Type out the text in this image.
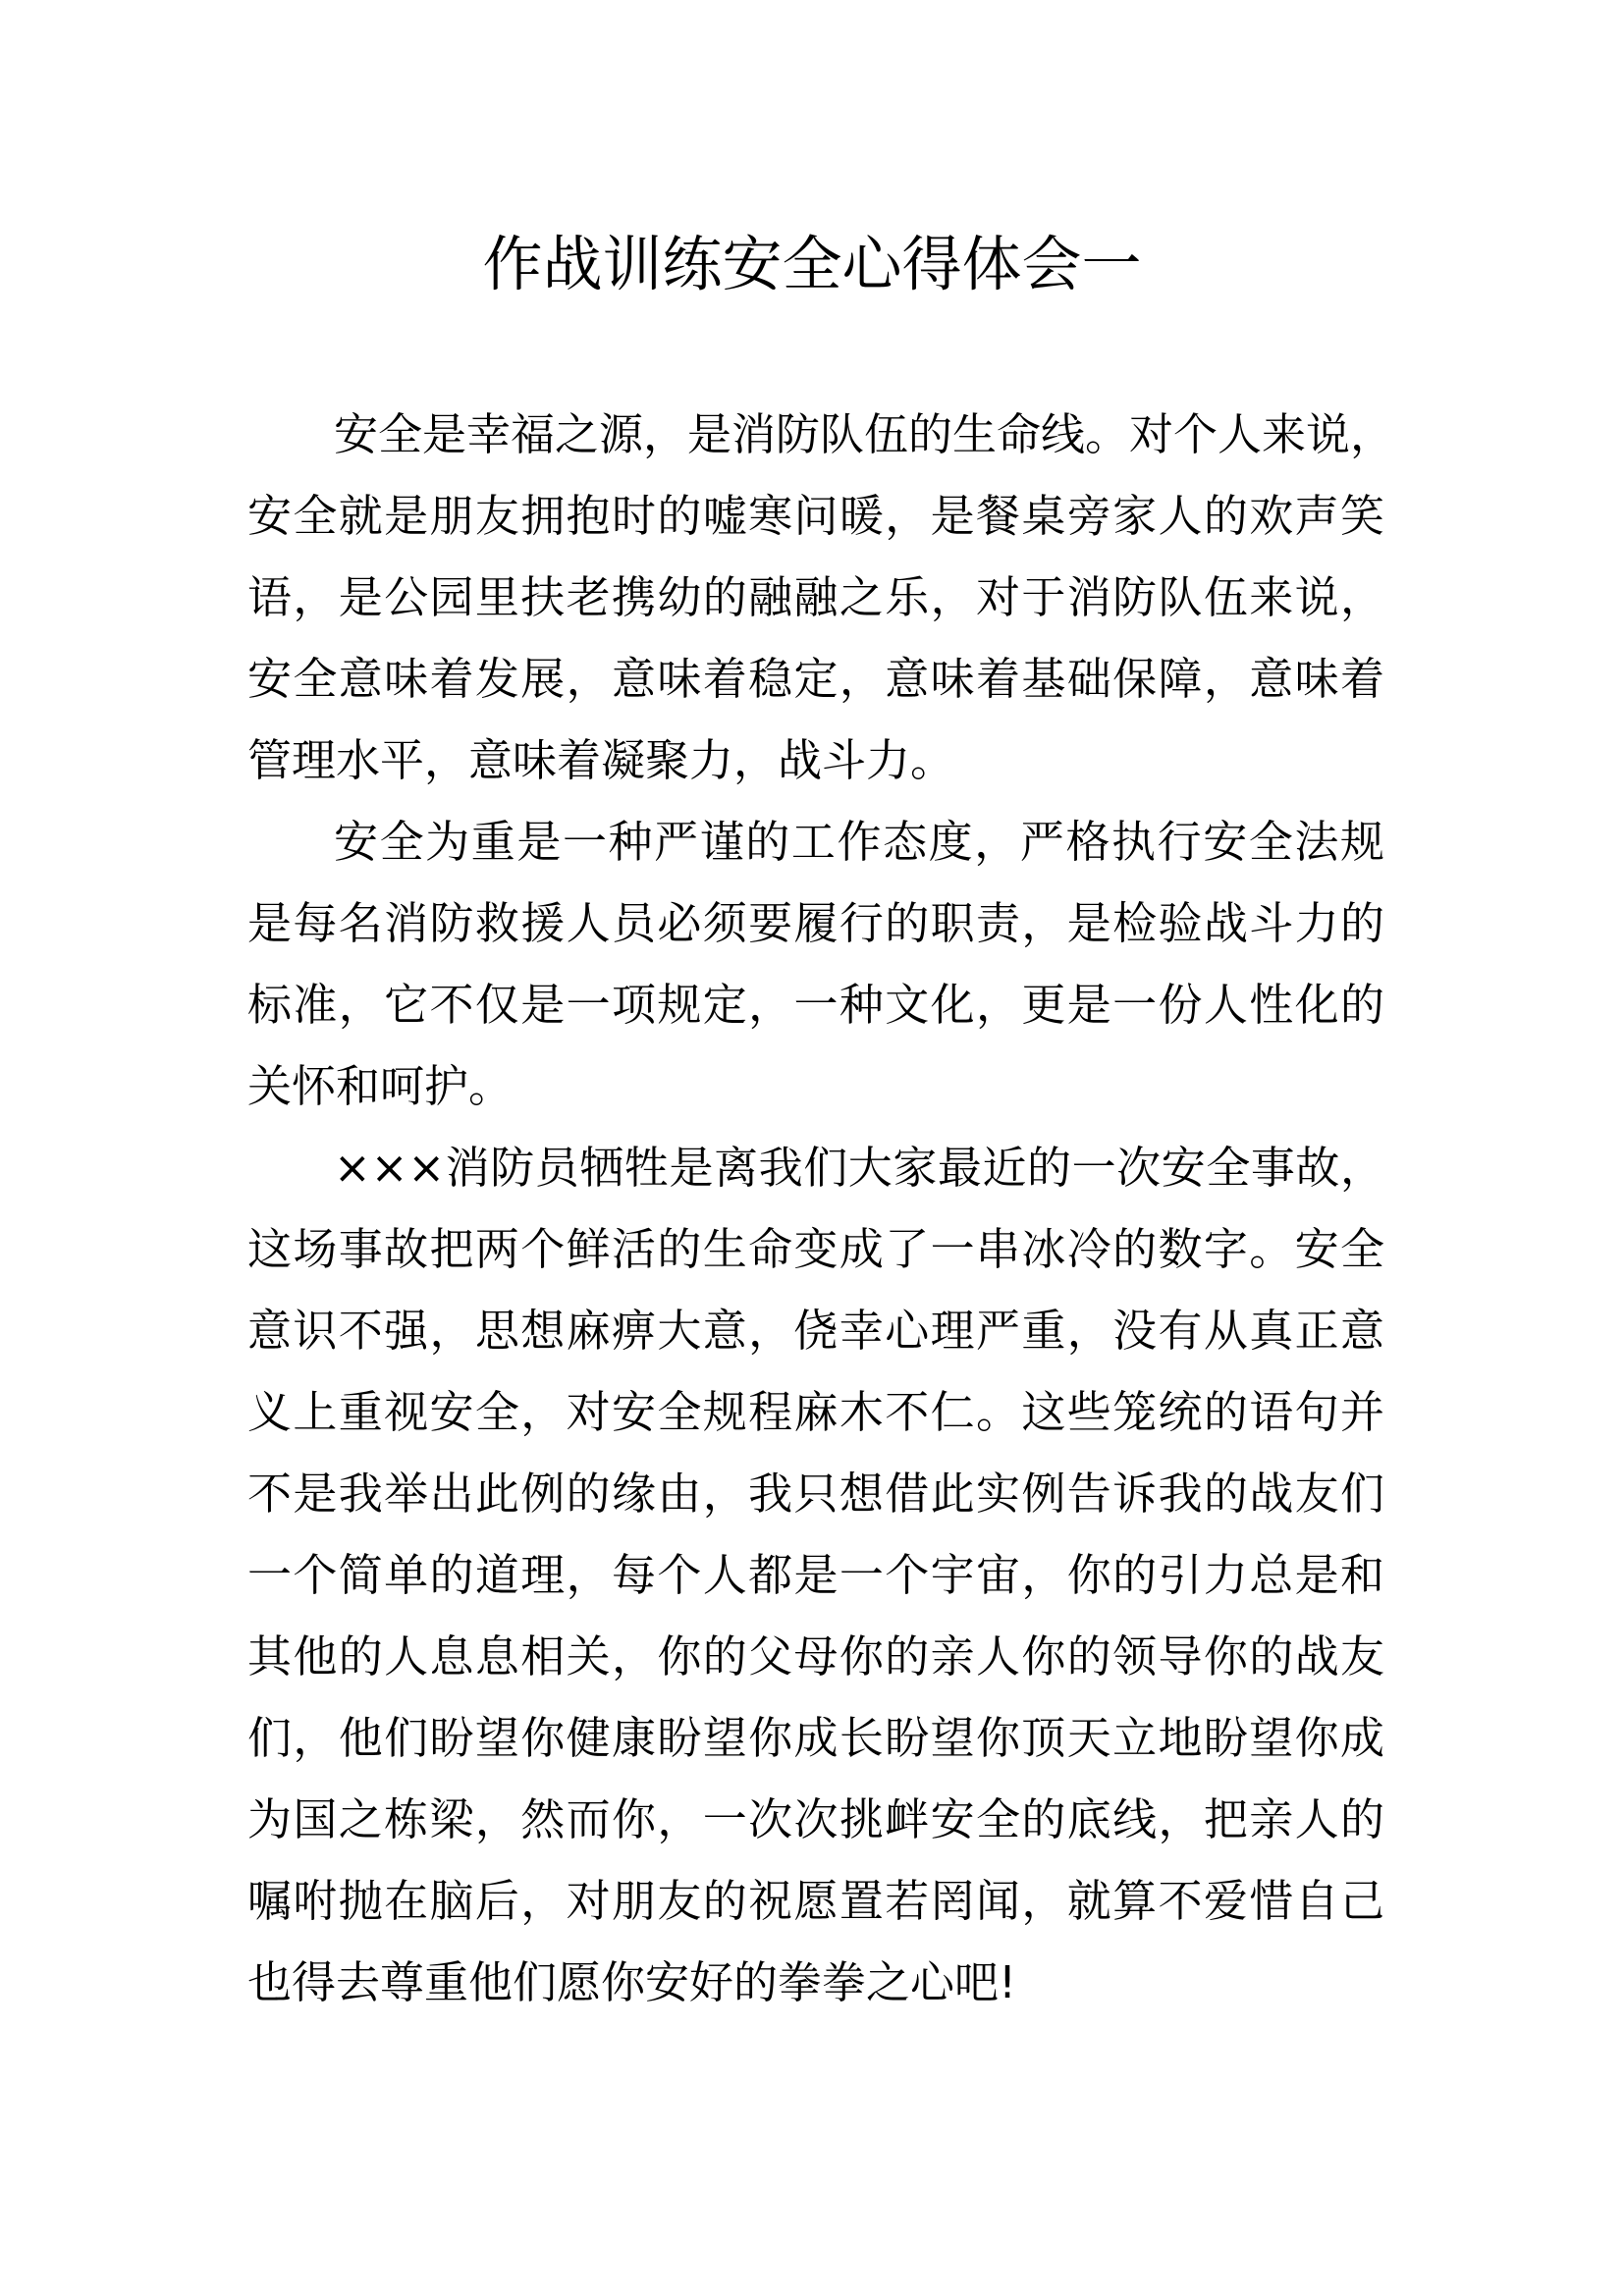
作战训练安全心得体会一
安全是幸福之源，是消防队伍的生命线。对个人来说，
安全就是朋友拥抱时的嘘寒问暖，是餐桌旁家人的欢声笑
语，是公园里扶老携幼的融融之乐，对于消防队伍来说，
安全意味着发展，意味着稳定，意味着基础保障，意味着
管理水平，意味着凝聚力，战斗力。
安全为重是一种严谨的工作态度，严格执行安全法规
是每名消防救援人员必须要履行的职责，是检验战斗力的
标准，它不仅是一项规定，一种文化，更是一份人性化的
关怀和呵护。
×××消防员牺牲是离我们大家最近的一次安全事故，
这场事故把两个鲜活的生命变成了一串冰冷的数字。安全
意识不强，思想麻痹大意，侥幸心理严重，没有从真正意
义上重视安全，对安全规程麻木不仁。这些笼统的语句并
不是我举出此例的缘由，我只想借此实例告诉我的战友们
一个简单的道理，每个人都是一个宇宙，你的引力总是和
其他的人息息相关，你的父母你的亲人你的领导你的战友
们，他们盼望你健康盼望你成长盼望你顶天立地盼望你成
为国之栋梁，然而你，一次次挑衅安全的底线，把亲人的
嘱咐抛在脑后，对朋友的祝愿置若罔闻，就算不爱惜自己
也得去尊重他们愿你安好的拳拳之心吧!
